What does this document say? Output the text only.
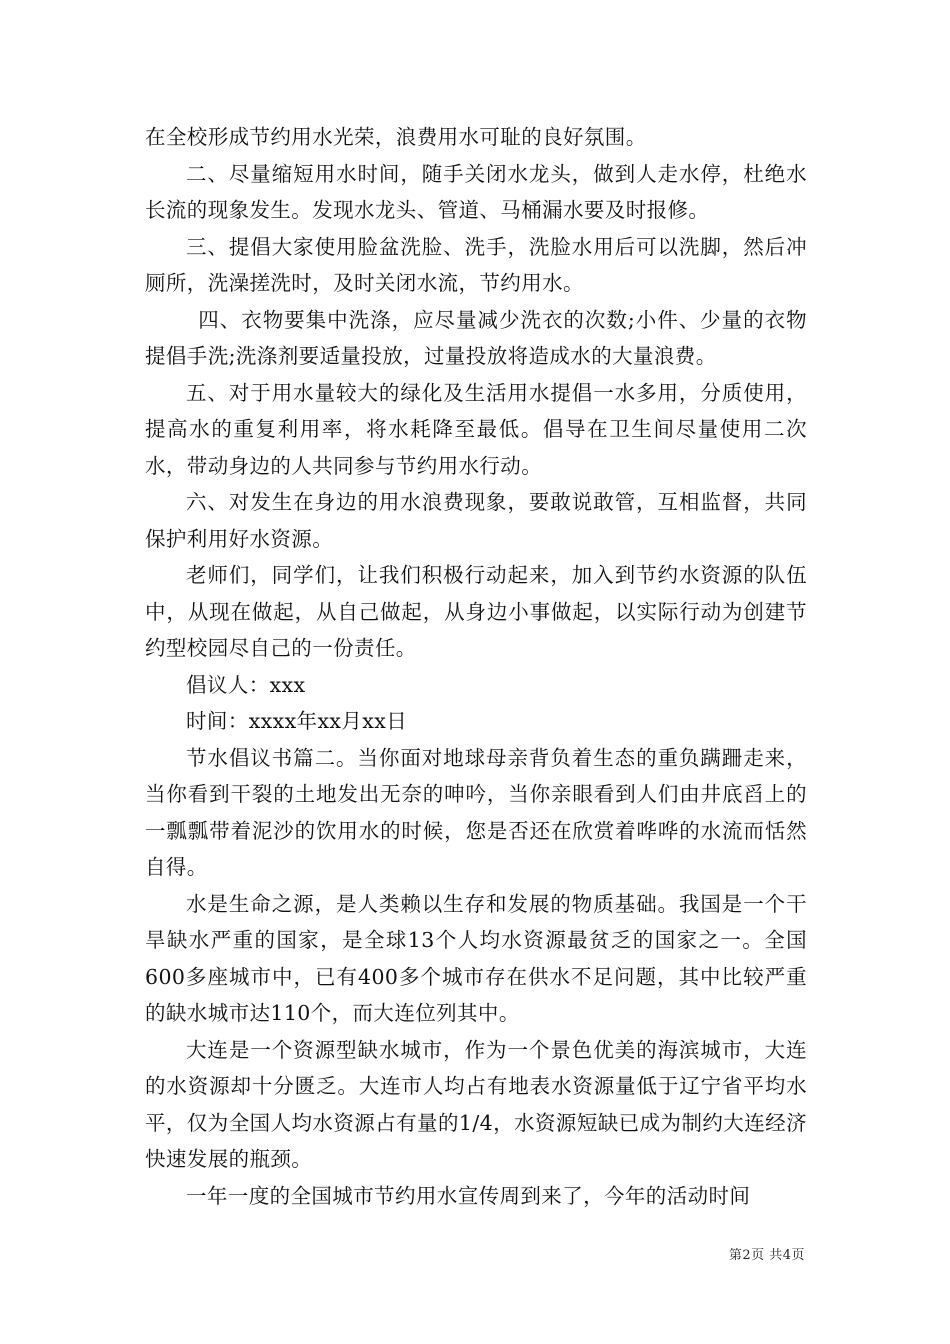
在全校形成节约用水光荣，浪费用水可耻的良好氛围。

二、尽量缩短用水时间，随手关闭水龙头，做到人走水停，杜绝水长流的现象发生。发现水龙头、管道、马桶漏水要及时报修。

三、提倡大家使用脸盆洗脸、洗手，洗脸水用后可以洗脚，然后冲厕所，洗澡搓洗时，及时关闭水流，节约用水。

四、衣物要集中洗涤，应尽量减少洗衣的次数;小件、少量的衣物提倡手洗;洗涤剂要适量投放，过量投放将造成水的大量浪费。

五、对于用水量较大的绿化及生活用水提倡一水多用，分质使用，提高水的重复利用率，将水耗降至最低。倡导在卫生间尽量使用二次水，带动身边的人共同参与节约用水行动。

六、对发生在身边的用水浪费现象，要敢说敢管，互相监督，共同保护利用好水资源。

老师们，同学们，让我们积极行动起来，加入到节约水资源的队伍中，从现在做起，从自己做起，从身边小事做起，以实际行动为创建节约型校园尽自己的一份责任。

倡议人：xxx

时间：xxxx年xx月xx日

节水倡议书篇二。当你面对地球母亲背负着生态的重负蹒跚走来，当你看到干裂的土地发出无奈的呻吟，当你亲眼看到人们由井底舀上的一瓢瓢带着泥沙的饮用水的时候，您是否还在欣赏着哗哗的水流而恬然自得。

水是生命之源，是人类赖以生存和发展的物质基础。我国是一个干旱缺水严重的国家，是全球13个人均水资源最贫乏的国家之一。全国600多座城市中，已有400多个城市存在供水不足问题，其中比较严重的缺水城市达110个，而大连位列其中。

大连是一个资源型缺水城市，作为一个景色优美的海滨城市，大连的水资源却十分匮乏。大连市人均占有地表水资源量低于辽宁省平均水平，仅为全国人均水资源占有量的1/4，水资源短缺已成为制约大连经济快速发展的瓶颈。

一年一度的全国城市节约用水宣传周到来了，今年的活动时间

第2页 共4页
